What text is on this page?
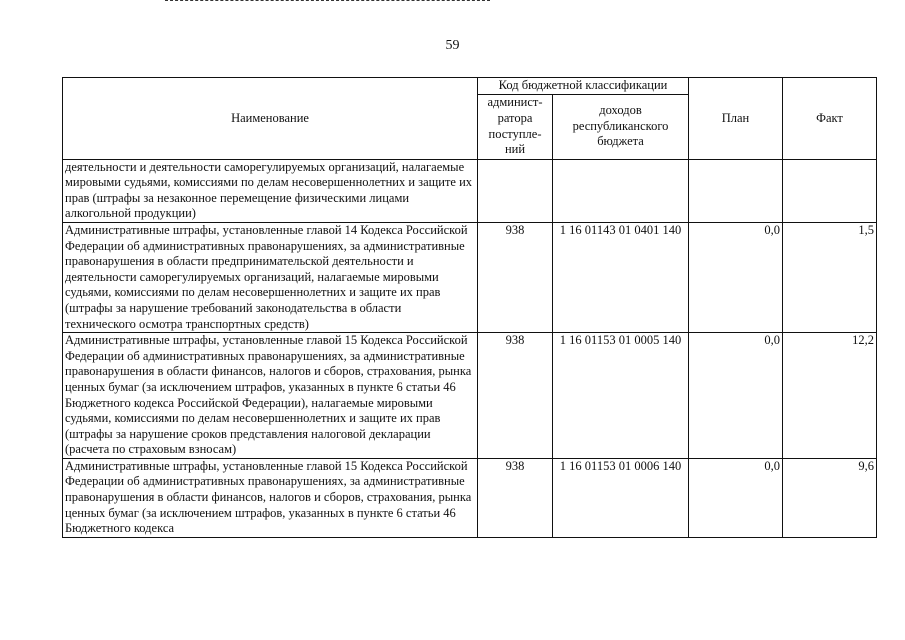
59
Наименование	Код бюджетной классификации		План	Факт
	админист-ратора поступле-ний	доходов республиканского бюджета		
деятельности и деятельности саморегулируемых организаций, налагаемые мировыми судьями, комиссиями по делам несовершеннолетних и защите их прав (штрафы за незаконное перемещение физическими лицами алкогольной продукции)				
Административные штрафы, установленные главой 14 Кодекса Российской Федерации об административных правонарушениях, за административные правонарушения в области предпринимательской деятельности и деятельности саморегулируемых организаций, налагаемые мировыми судьями, комиссиями по делам несовершеннолетних и защите их прав (штрафы за нарушение требований законодательства в области технического осмотра транспортных средств)	938	1 16 01143 01 0401 140	0,0	1,5
Административные штрафы, установленные главой 15 Кодекса Российской Федерации об административных правонарушениях, за административные правонарушения в области финансов, налогов и сборов, страхования, рынка ценных бумаг (за исключением штрафов, указанных в пункте 6 статьи 46 Бюджетного кодекса Российской Федерации), налагаемые мировыми судьями, комиссиями по делам несовершеннолетних и защите их прав (штрафы за нарушение сроков представления налоговой декларации (расчета по страховым взносам)	938	1 16 01153 01 0005 140	0,0	12,2
Административные штрафы, установленные главой 15 Кодекса Российской Федерации об административных правонарушениях, за административные правонарушения в области финансов, налогов и сборов, страхования, рынка ценных бумаг (за исключением штрафов, указанных в пункте 6 статьи 46 Бюджетного кодекса	938	1 16 01153 01 0006 140	0,0	9,6
